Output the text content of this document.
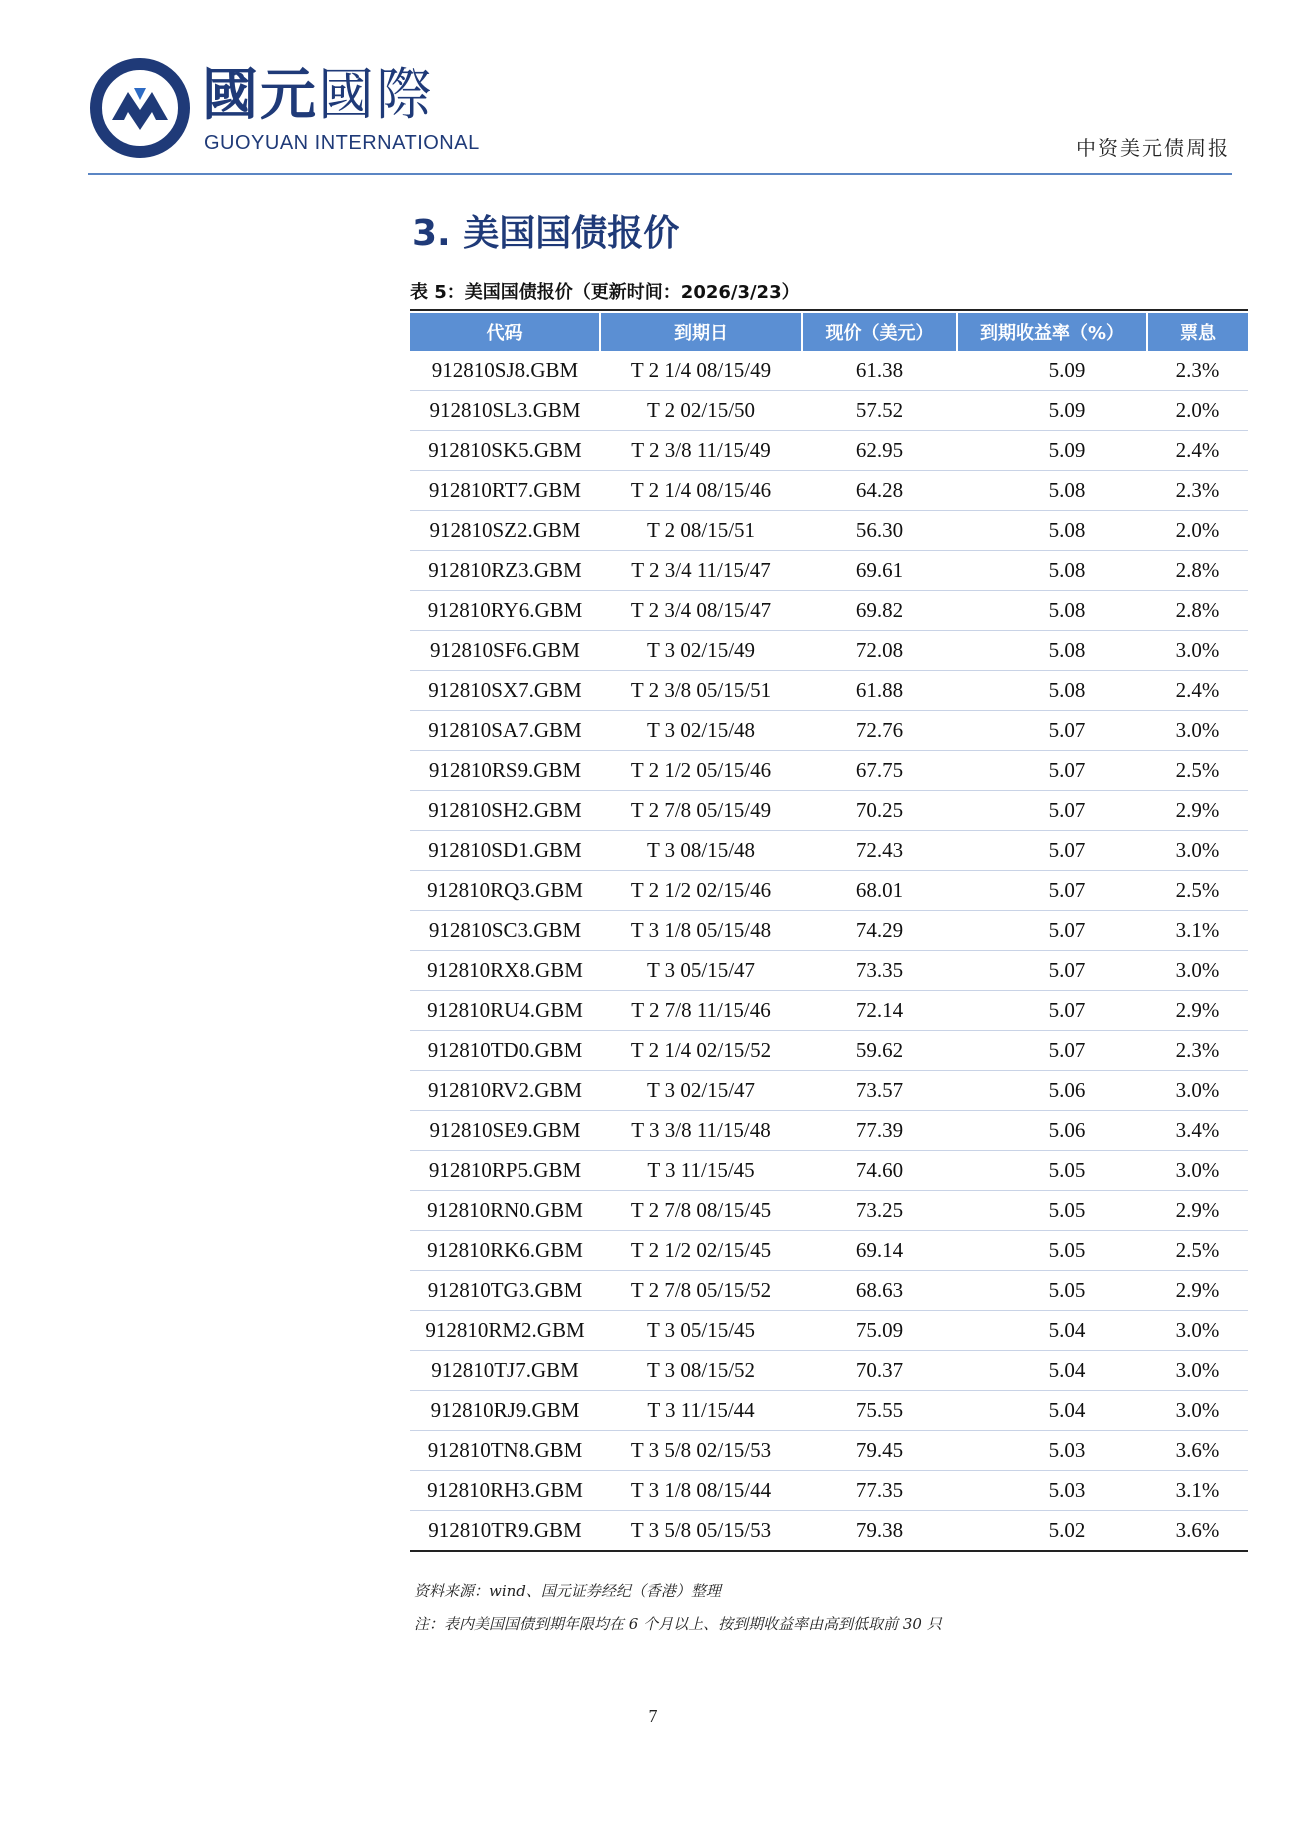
國元國際
GUOYUAN INTERNATIONAL	中资美元债周报
3. 美国国债报价
表 5：美国国债报价（更新时间：2026/3/23）
代码	到期日	现价（美元）	到期收益率（%）	票息
912810SJ8.GBM	T 2 1/4 08/15/49	61.38	5.09	2.3%
912810SL3.GBM	T 2 02/15/50	57.52	5.09	2.0%
912810SK5.GBM	T 2 3/8 11/15/49	62.95	5.09	2.4%
912810RT7.GBM	T 2 1/4 08/15/46	64.28	5.08	2.3%
912810SZ2.GBM	T 2 08/15/51	56.30	5.08	2.0%
912810RZ3.GBM	T 2 3/4 11/15/47	69.61	5.08	2.8%
912810RY6.GBM	T 2 3/4 08/15/47	69.82	5.08	2.8%
912810SF6.GBM	T 3 02/15/49	72.08	5.08	3.0%
912810SX7.GBM	T 2 3/8 05/15/51	61.88	5.08	2.4%
912810SA7.GBM	T 3 02/15/48	72.76	5.07	3.0%
912810RS9.GBM	T 2 1/2 05/15/46	67.75	5.07	2.5%
912810SH2.GBM	T 2 7/8 05/15/49	70.25	5.07	2.9%
912810SD1.GBM	T 3 08/15/48	72.43	5.07	3.0%
912810RQ3.GBM	T 2 1/2 02/15/46	68.01	5.07	2.5%
912810SC3.GBM	T 3 1/8 05/15/48	74.29	5.07	3.1%
912810RX8.GBM	T 3 05/15/47	73.35	5.07	3.0%
912810RU4.GBM	T 2 7/8 11/15/46	72.14	5.07	2.9%
912810TD0.GBM	T 2 1/4 02/15/52	59.62	5.07	2.3%
912810RV2.GBM	T 3 02/15/47	73.57	5.06	3.0%
912810SE9.GBM	T 3 3/8 11/15/48	77.39	5.06	3.4%
912810RP5.GBM	T 3 11/15/45	74.60	5.05	3.0%
912810RN0.GBM	T 2 7/8 08/15/45	73.25	5.05	2.9%
912810RK6.GBM	T 2 1/2 02/15/45	69.14	5.05	2.5%
912810TG3.GBM	T 2 7/8 05/15/52	68.63	5.05	2.9%
912810RM2.GBM	T 3 05/15/45	75.09	5.04	3.0%
912810TJ7.GBM	T 3 08/15/52	70.37	5.04	3.0%
912810RJ9.GBM	T 3 11/15/44	75.55	5.04	3.0%
912810TN8.GBM	T 3 5/8 02/15/53	79.45	5.03	3.6%
912810RH3.GBM	T 3 1/8 08/15/44	77.35	5.03	3.1%
912810TR9.GBM	T 3 5/8 05/15/53	79.38	5.02	3.6%
资料来源：wind、国元证券经纪（香港）整理
注：表内美国国债到期年限均在 6 个月以上、按到期收益率由高到低取前 30 只
7
